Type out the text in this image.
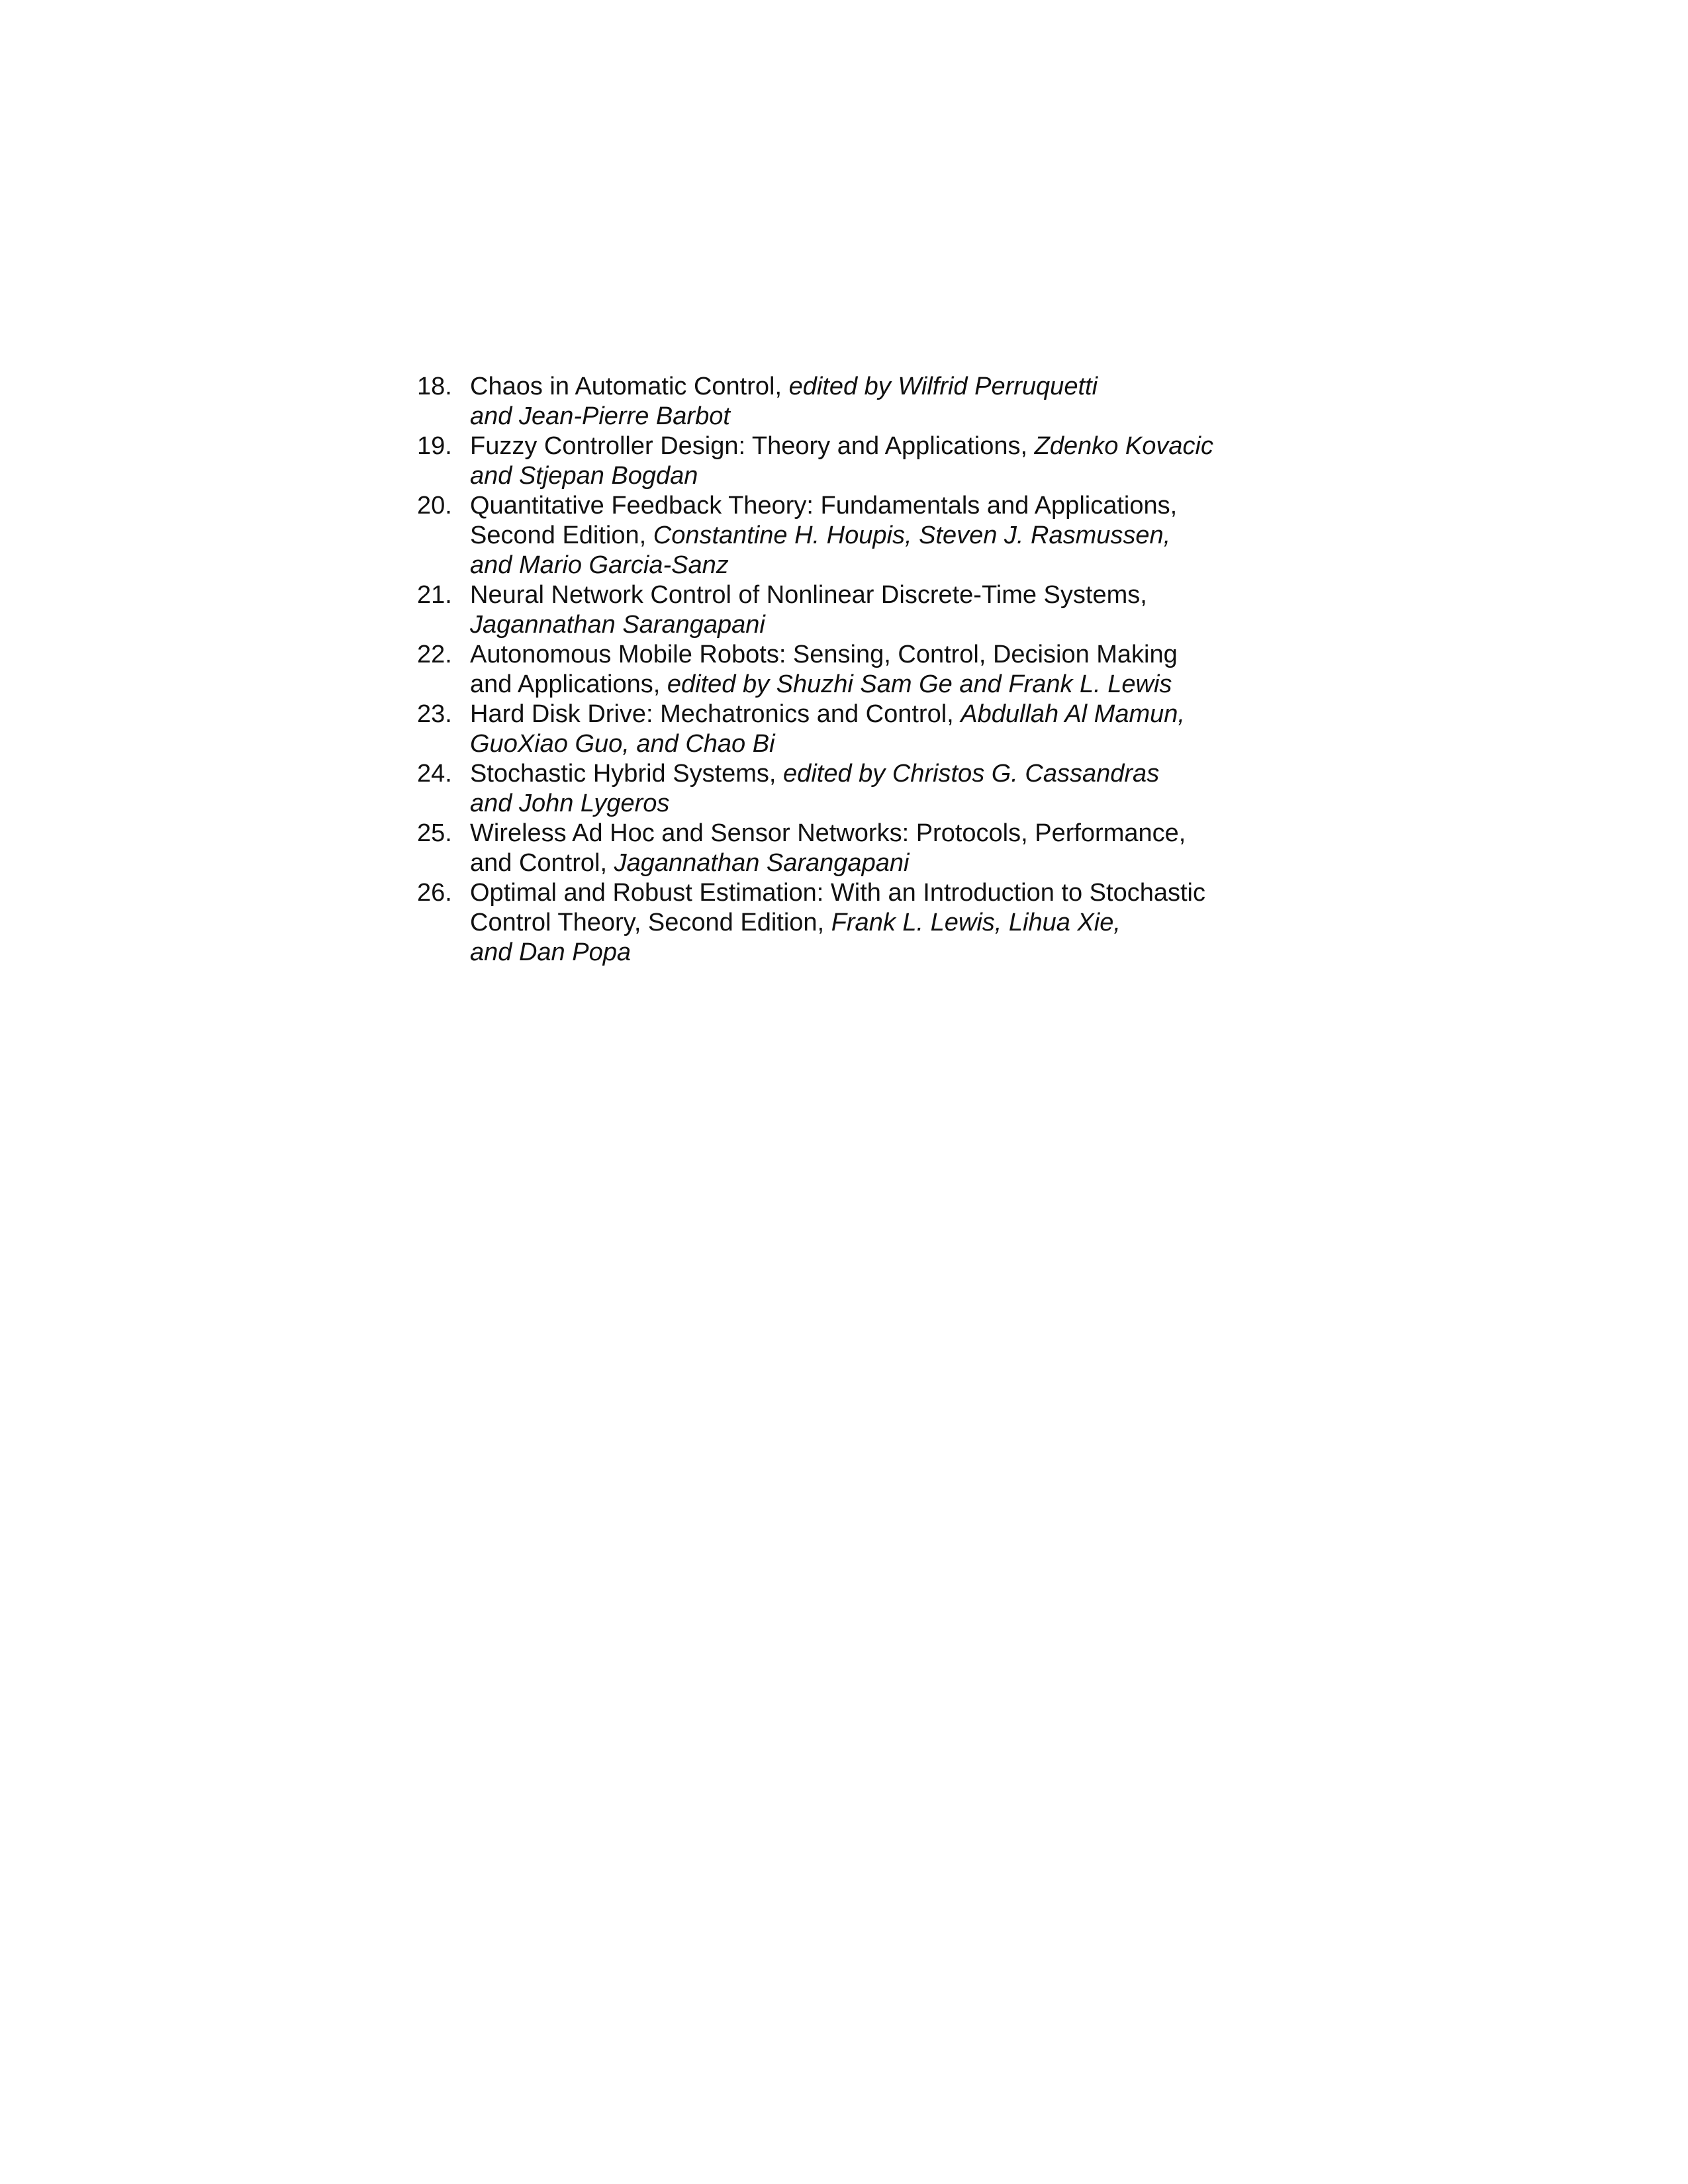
18. Chaos in Automatic Control, edited by Wilfrid Perruquetti
and Jean-Pierre Barbot
19. Fuzzy Controller Design: Theory and Applications, Zdenko Kovacic
and Stjepan Bogdan
20. Quantitative Feedback Theory: Fundamentals and Applications,
Second Edition, Constantine H. Houpis, Steven J. Rasmussen,
and Mario Garcia-Sanz
21. Neural Network Control of Nonlinear Discrete-Time Systems,
Jagannathan Sarangapani
22. Autonomous Mobile Robots: Sensing, Control, Decision Making
and Applications, edited by Shuzhi Sam Ge and Frank L. Lewis
23. Hard Disk Drive: Mechatronics and Control, Abdullah Al Mamun,
GuoXiao Guo, and Chao Bi
24. Stochastic Hybrid Systems, edited by Christos G. Cassandras
and John Lygeros
25. Wireless Ad Hoc and Sensor Networks: Protocols, Performance,
and Control, Jagannathan Sarangapani
26. Optimal and Robust Estimation: With an Introduction to Stochastic
Control Theory, Second Edition, Frank L. Lewis, Lihua Xie,
and Dan Popa
